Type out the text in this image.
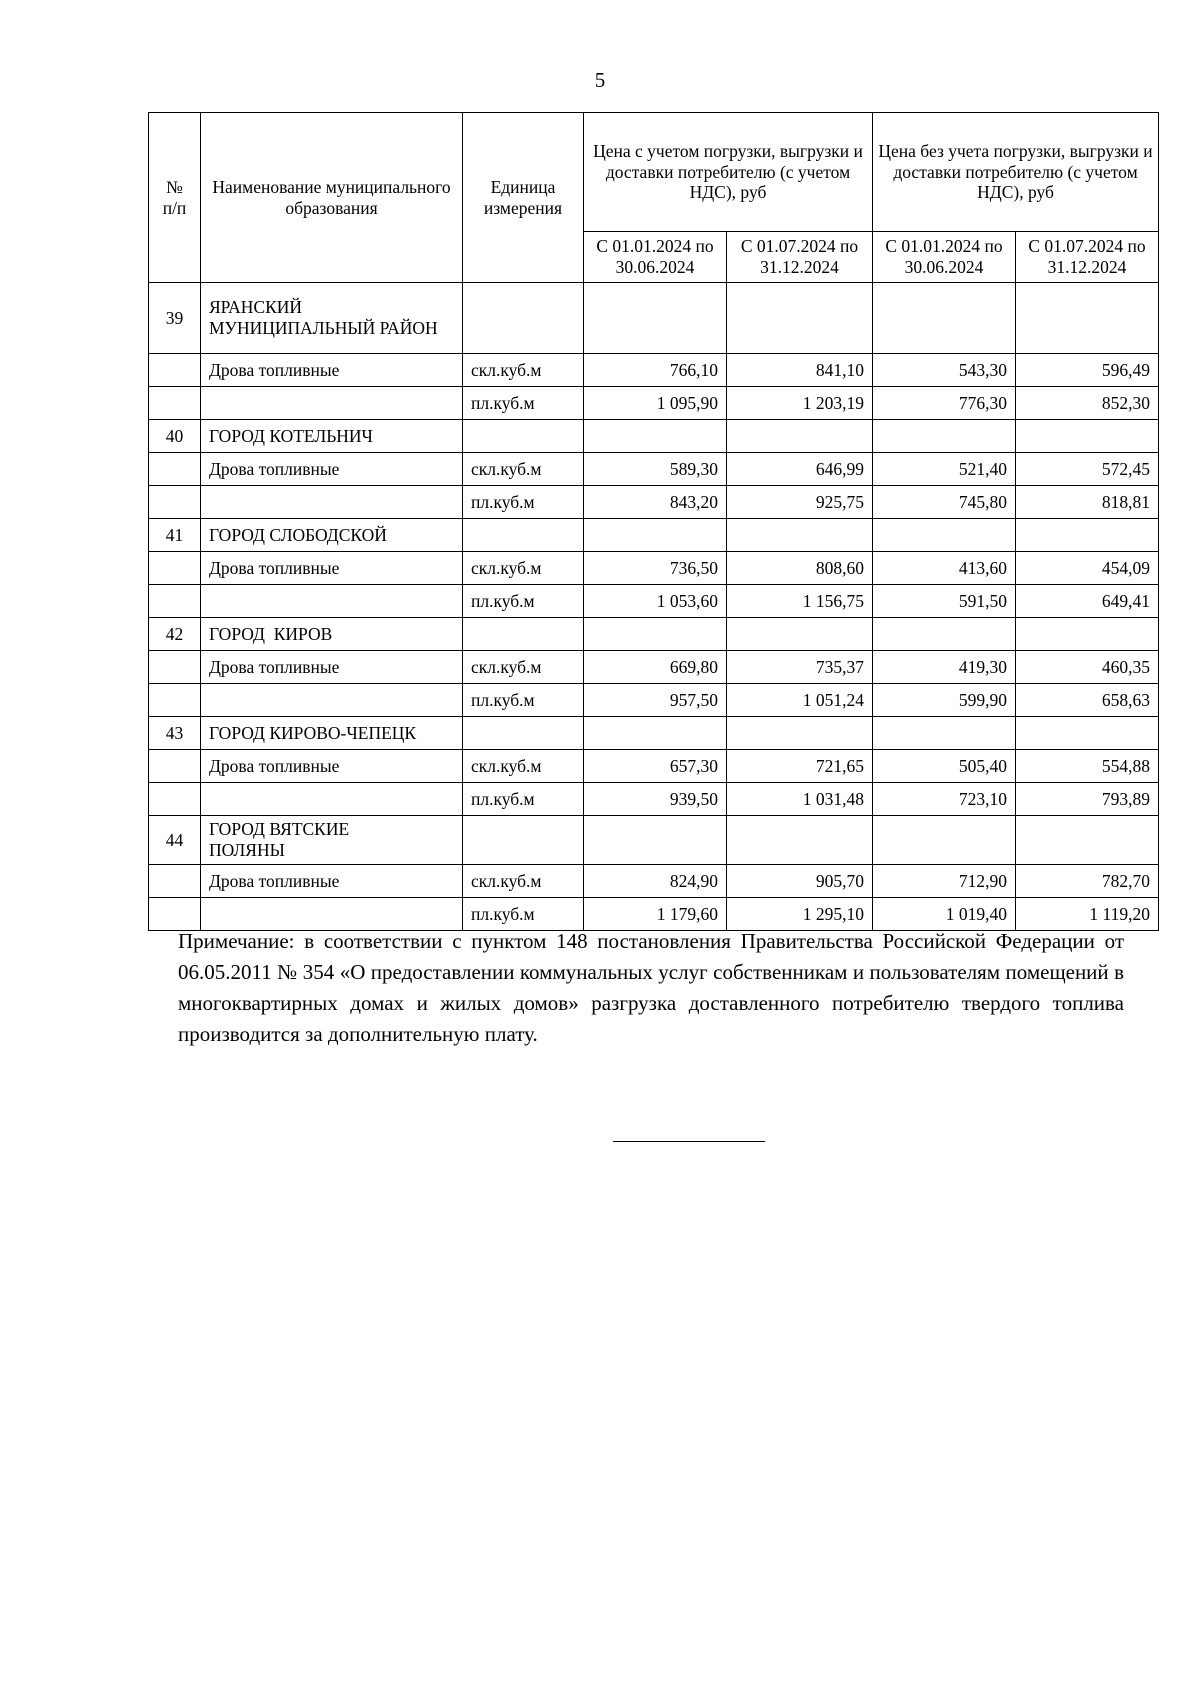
5
№ п/п	Наименование муниципального образования	Единица измерения	Цена с учетом погрузки, выгрузки и доставки потребителю (с учетом НДС), руб		Цена без учета погрузки, выгрузки и доставки потребителю (с учетом НДС), руб	
			С 01.01.2024 по 30.06.2024	С 01.07.2024 по 31.12.2024	С 01.01.2024 по 30.06.2024	С 01.07.2024 по 31.12.2024
39	ЯРАНСКИЙ МУНИЦИПАЛЬНЫЙ РАЙОН					
	Дрова топливные	скл.куб.м	766,10	841,10	543,30	596,49
		пл.куб.м	1 095,90	1 203,19	776,30	852,30
40	ГОРОД КОТЕЛЬНИЧ					
	Дрова топливные	скл.куб.м	589,30	646,99	521,40	572,45
		пл.куб.м	843,20	925,75	745,80	818,81
41	ГОРОД СЛОБОДСКОЙ					
	Дрова топливные	скл.куб.м	736,50	808,60	413,60	454,09
		пл.куб.м	1 053,60	1 156,75	591,50	649,41
42	ГОРОД  КИРОВ					
	Дрова топливные	скл.куб.м	669,80	735,37	419,30	460,35
		пл.куб.м	957,50	1 051,24	599,90	658,63
43	ГОРОД КИРОВО-ЧЕПЕЦК					
	Дрова топливные	скл.куб.м	657,30	721,65	505,40	554,88
		пл.куб.м	939,50	1 031,48	723,10	793,89
44	ГОРОД ВЯТСКИЕ ПОЛЯНЫ					
	Дрова топливные	скл.куб.м	824,90	905,70	712,90	782,70
		пл.куб.м	1 179,60	1 295,10	1 019,40	1 119,20
Примечание: в соответствии с пунктом 148 постановления Правительства Российской Федерации от 06.05.2011 № 354 «О предоставлении коммунальных услуг собственникам и пользователям помещений в многоквартирных домах и жилых домов» разгрузка доставленного потребителю твердого топлива производится за дополнительную плату.
